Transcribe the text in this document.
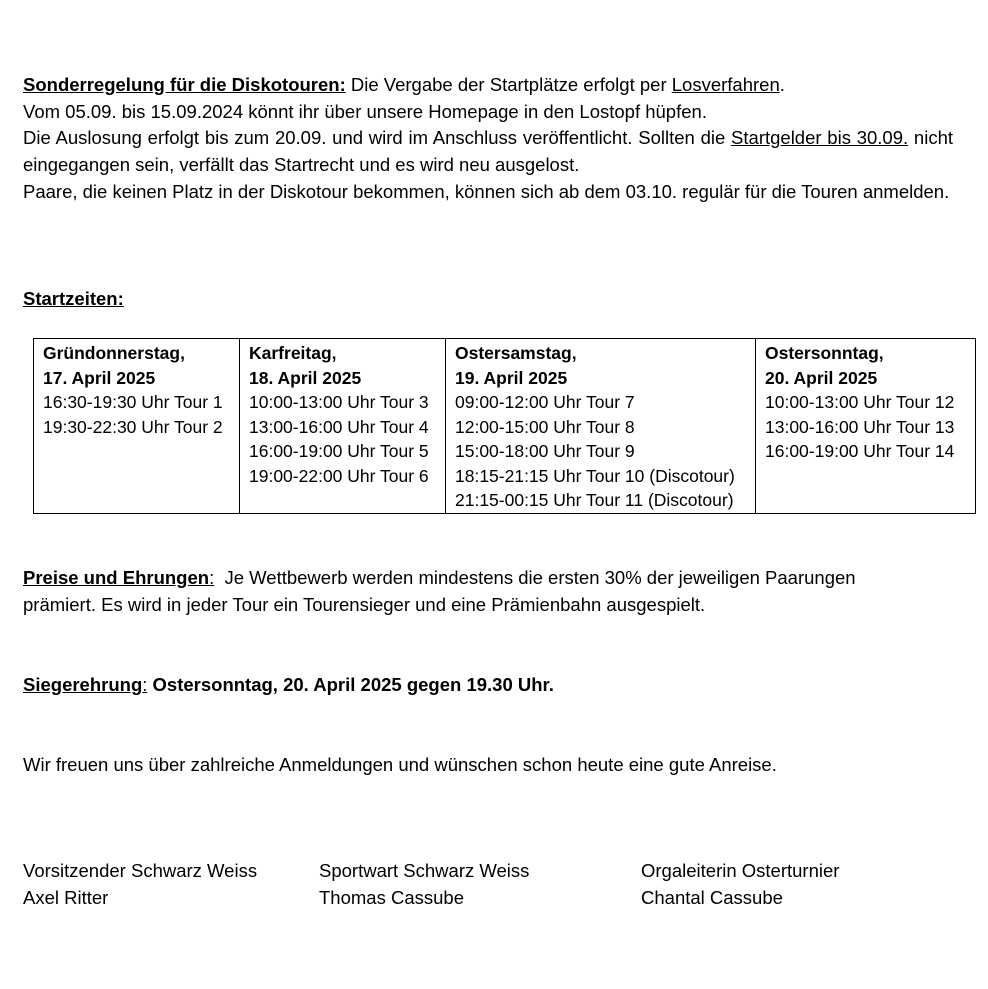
Sonderregelung für die Diskotouren: Die Vergabe der Startplätze erfolgt per Losverfahren.
Vom 05.09. bis 15.09.2024 könnt ihr über unsere Homepage in den Lostopf hüpfen.
Die Auslosung erfolgt bis zum 20.09. und wird im Anschluss veröffentlicht. Sollten die Startgelder bis 30.09. nicht eingegangen sein, verfällt das Startrecht und es wird neu ausgelost.
Paare, die keinen Platz in der Diskotour bekommen, können sich ab dem 03.10. regulär für die Touren anmelden.
Startzeiten:
Gründonnerstag,
17. April 2025
16:30-19:30 Uhr Tour 1
19:30-22:30 Uhr Tour 2

Karfreitag,
18. April 2025
10:00-13:00 Uhr Tour 3
13:00-16:00 Uhr Tour 4
16:00-19:00 Uhr Tour 5
19:00-22:00 Uhr Tour 6

Ostersamstag,
19. April 2025
09:00-12:00 Uhr Tour 7
12:00-15:00 Uhr Tour 8
15:00-18:00 Uhr Tour 9
18:15-21:15 Uhr Tour 10 (Discotour)
21:15-00:15 Uhr Tour 11 (Discotour)

Ostersonntag,
20. April 2025
10:00-13:00 Uhr Tour 12
13:00-16:00 Uhr Tour 13
16:00-19:00 Uhr Tour 14
Preise und Ehrungen:  Je Wettbewerb werden mindestens die ersten 30% der jeweiligen Paarungen prämiert. Es wird in jeder Tour ein Tourensieger und eine Prämienbahn ausgespielt.
Siegerehrung: Ostersonntag, 20. April 2025 gegen 19.30 Uhr.
Wir freuen uns über zahlreiche Anmeldungen und wünschen schon heute eine gute Anreise.
Vorsitzender Schwarz Weiss
Axel Ritter
Sportwart Schwarz Weiss
Thomas Cassube
Orgaleiterin Osterturnier
Chantal Cassube
